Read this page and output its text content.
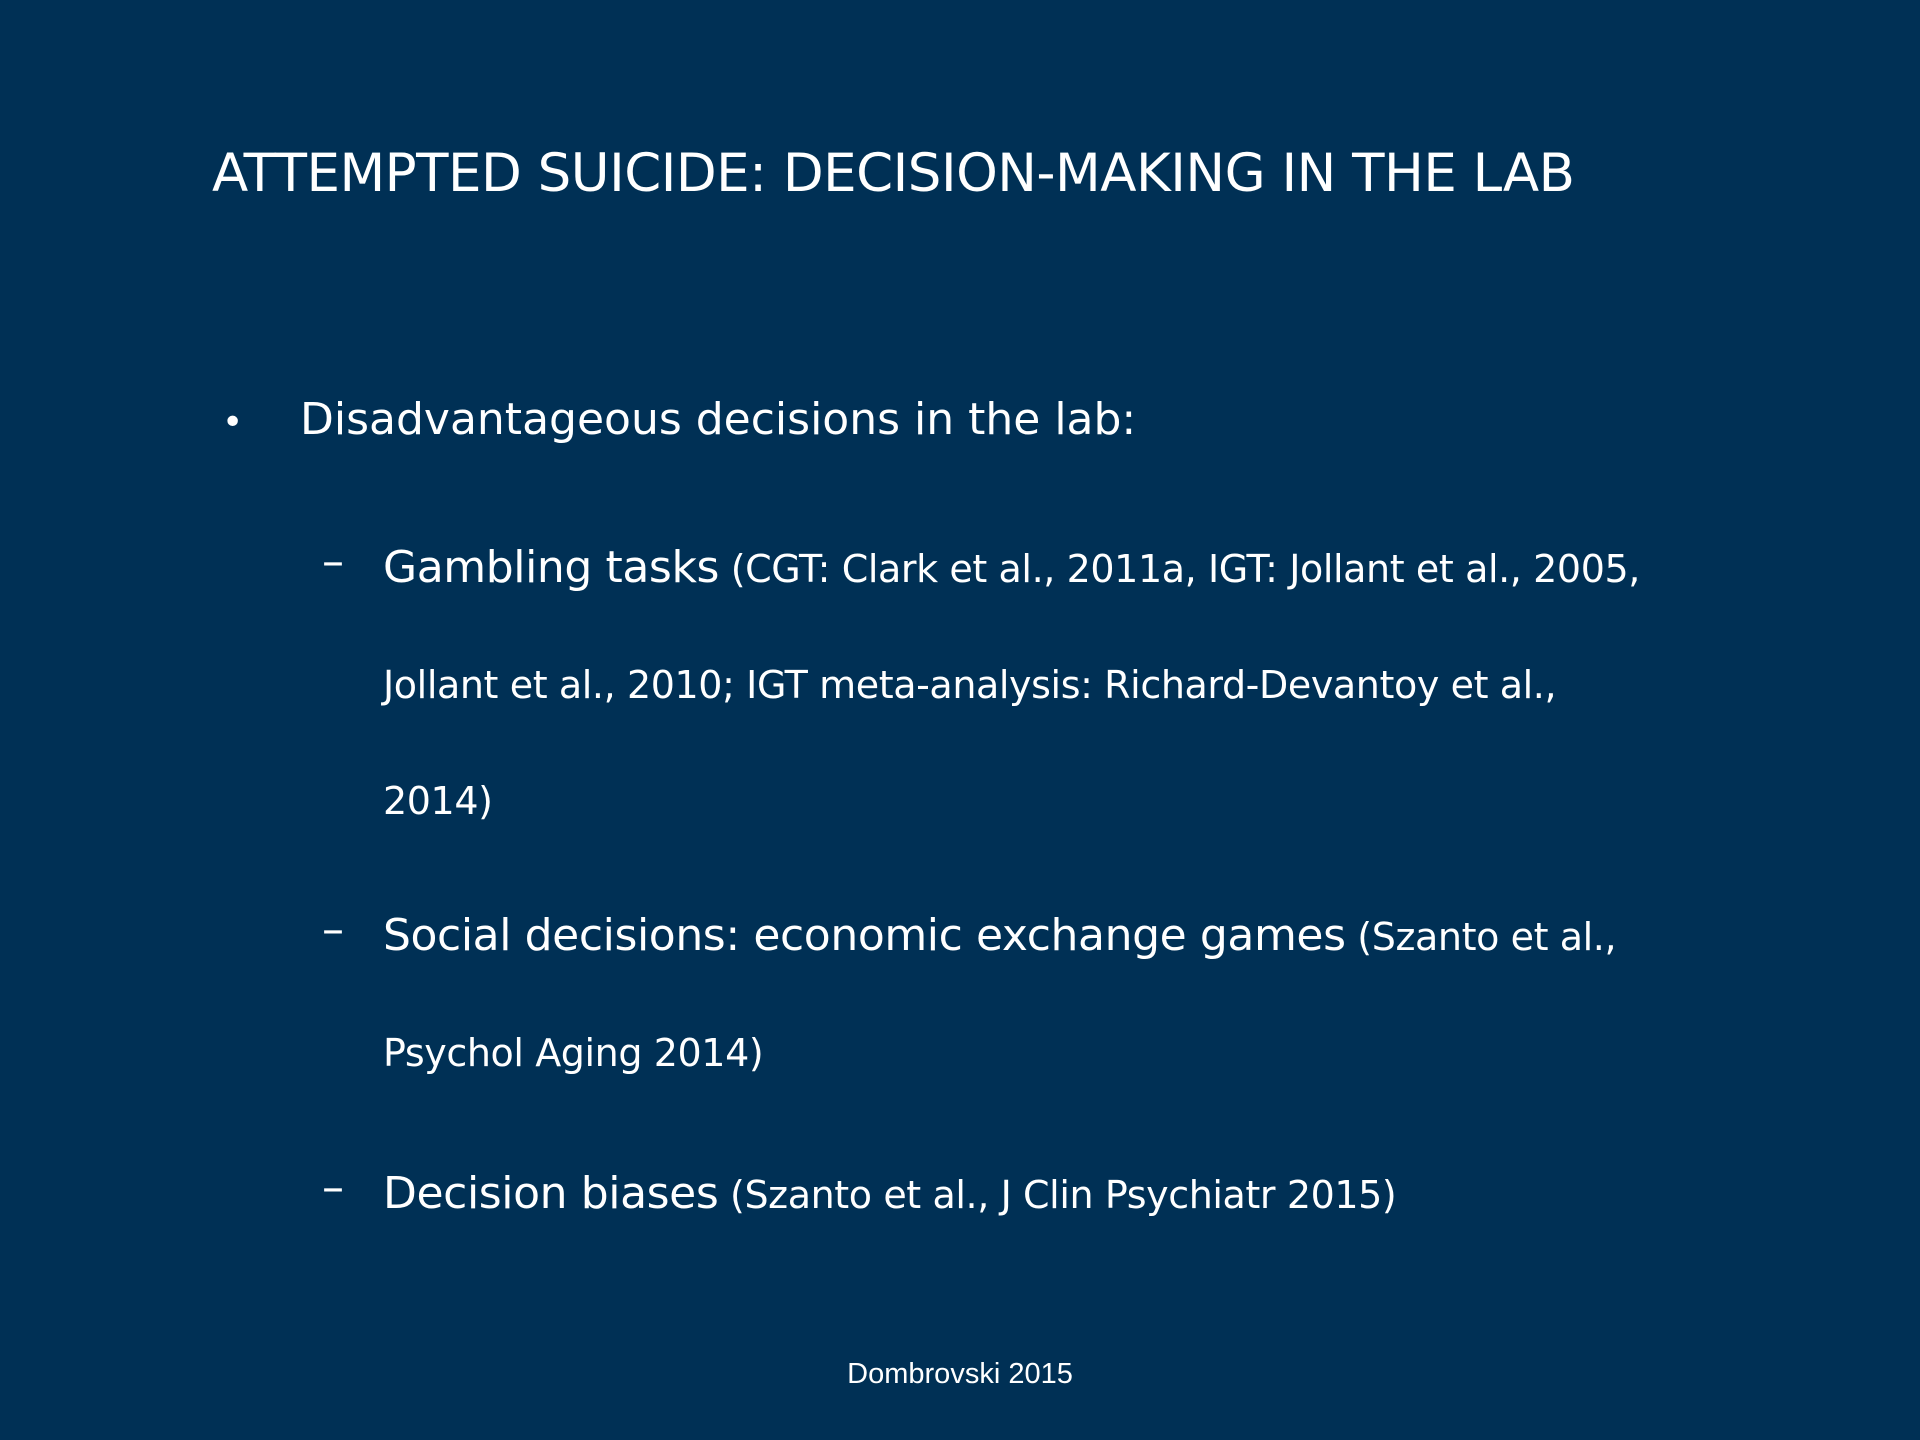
ATTEMPTED SUICIDE: DECISION-MAKING IN THE LAB
• Disadvantageous decisions in the lab:
– Gambling tasks (CGT: Clark et al., 2011a, IGT: Jollant et al., 2005, Jollant et al., 2010; IGT meta-analysis: Richard-Devantoy et al., 2014)
– Social decisions: economic exchange games (Szanto et al., Psychol Aging 2014)
– Decision biases (Szanto et al., J Clin Psychiatr 2015)
Dombrovski 2015
